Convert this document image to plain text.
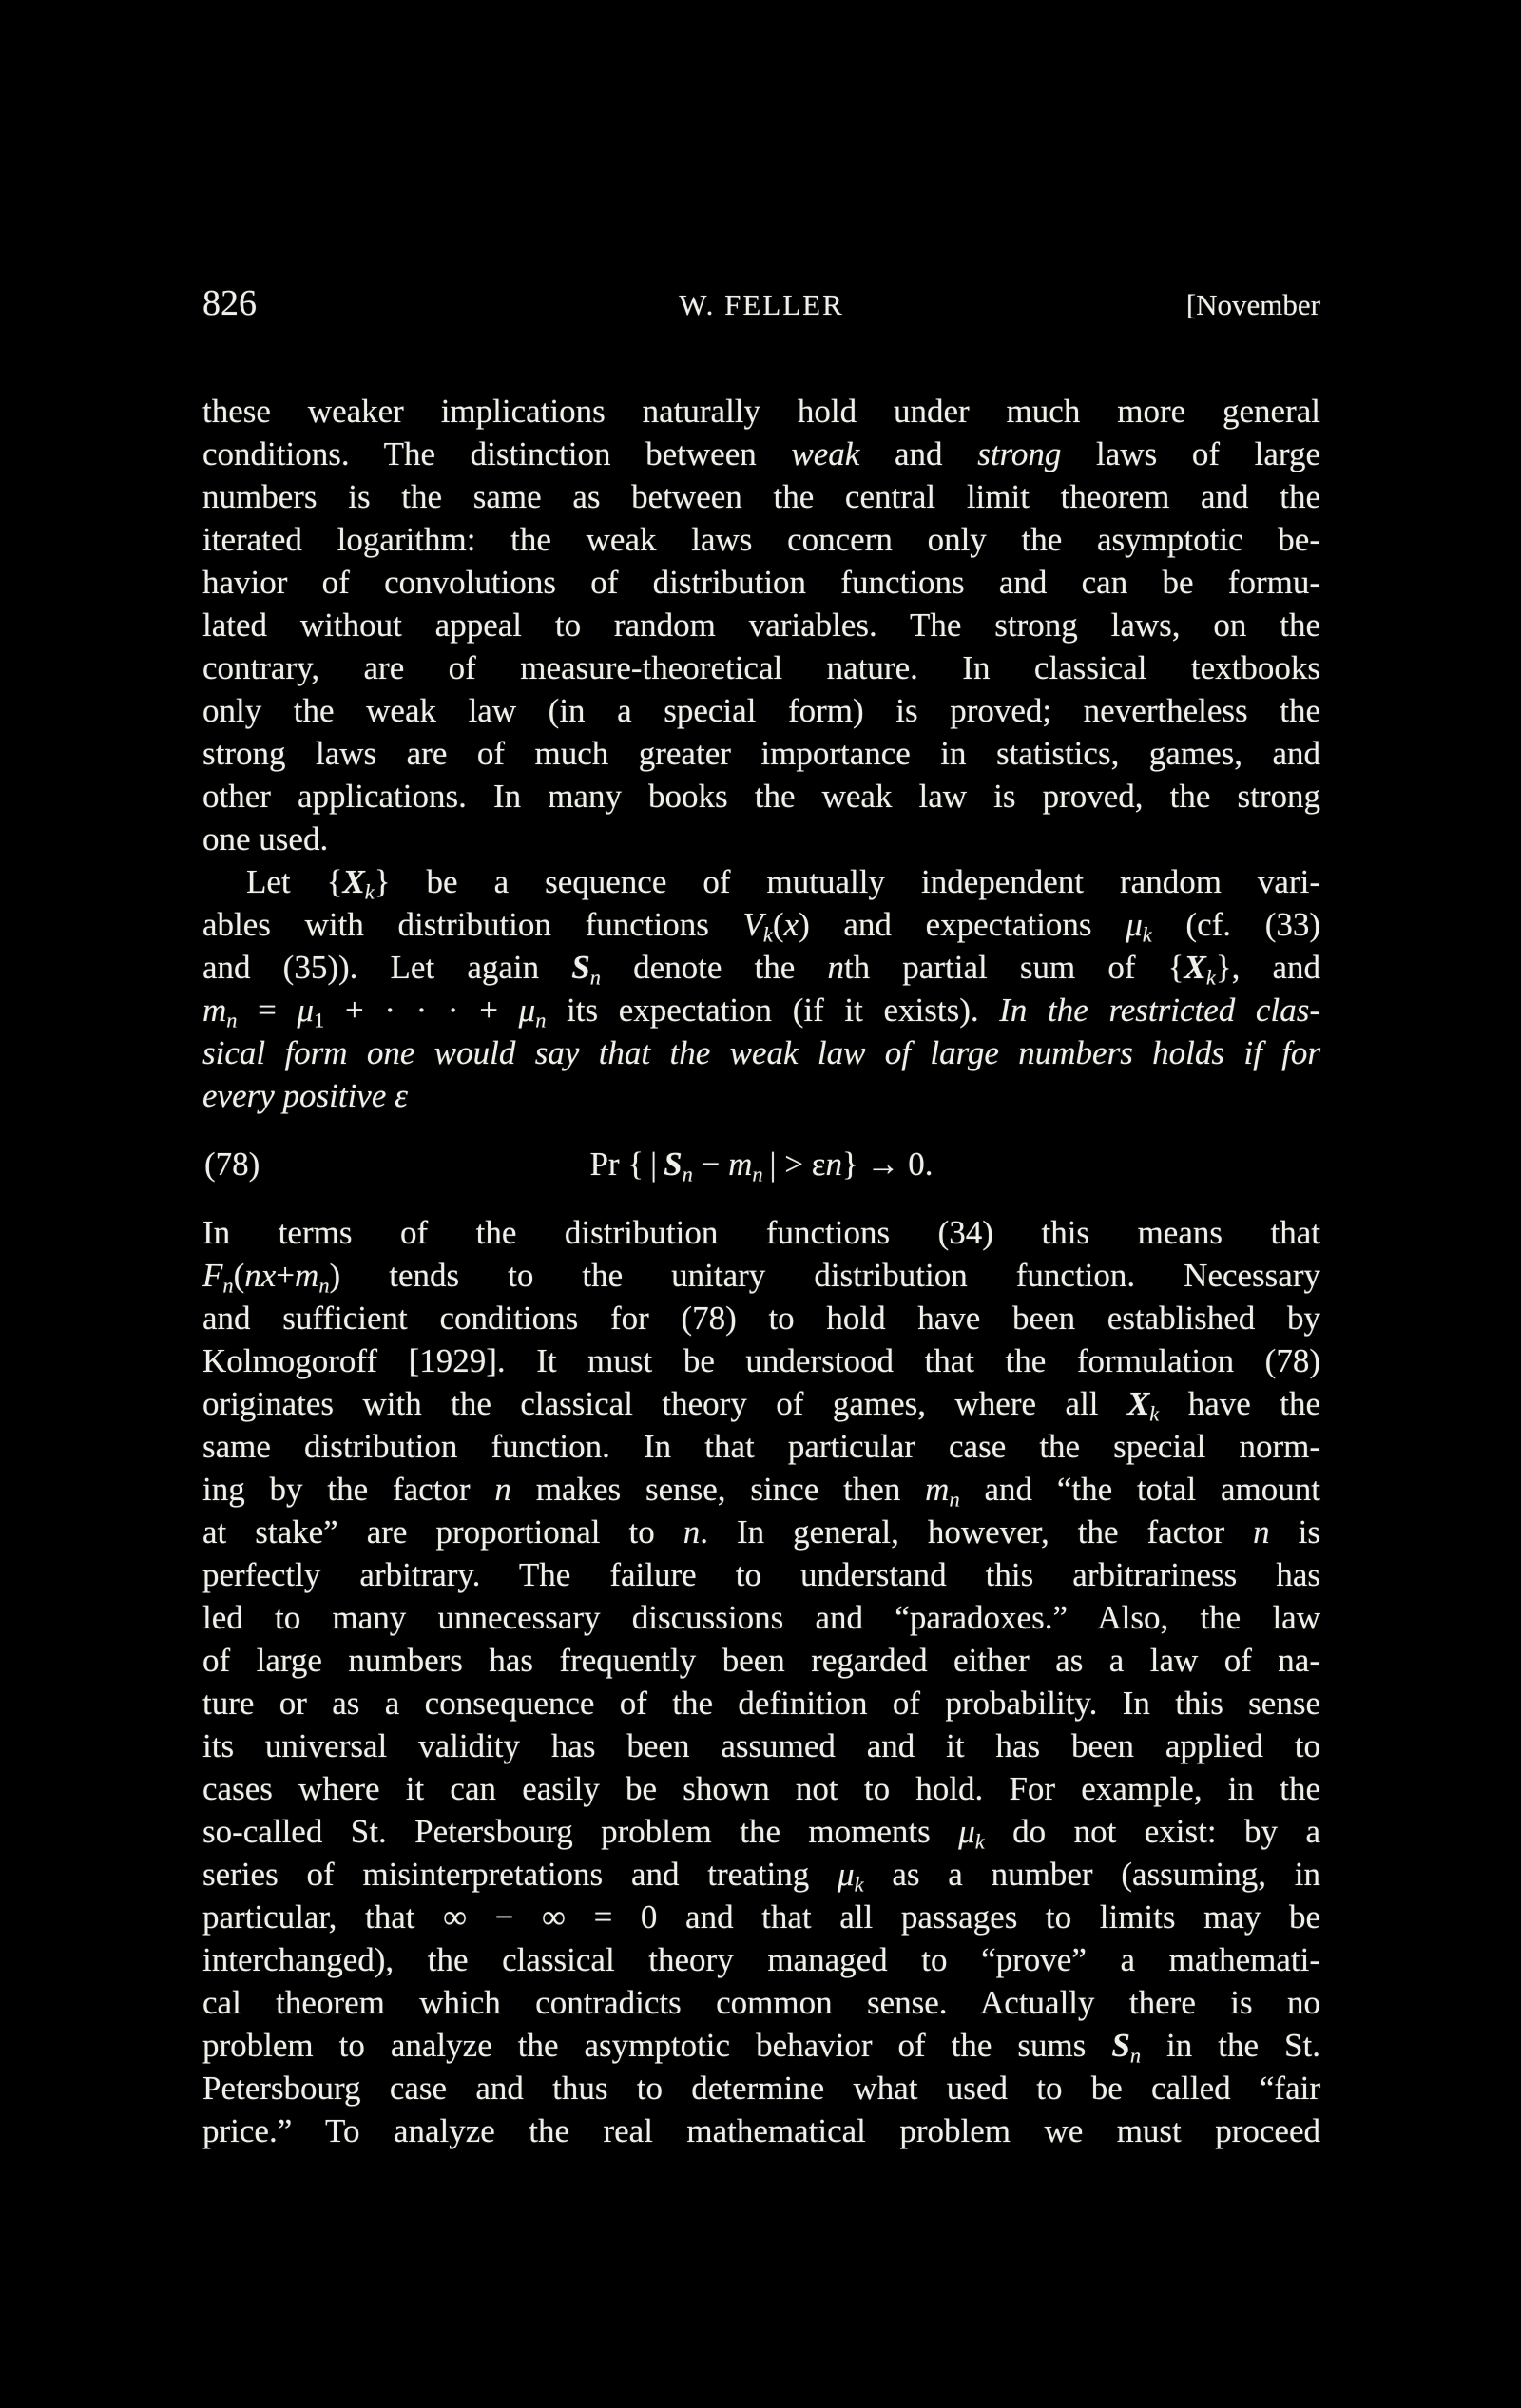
826	W. FELLER	[November
these weaker implications naturally hold under much more general
conditions. The distinction between weak and strong laws of large
numbers is the same as between the central limit theorem and the
iterated logarithm: the weak laws concern only the asymptotic be-
havior of convolutions of distribution functions and can be formu-
lated without appeal to random variables. The strong laws, on the
contrary, are of measure-theoretical nature. In classical textbooks
only the weak law (in a special form) is proved; nevertheless the
strong laws are of much greater importance in statistics, games, and
other applications. In many books the weak law is proved, the strong
one used.
Let $\{X_k\}$ be a sequence of mutually independent random vari-
ables with distribution functions $V_k(x)$ and expectations $\mu_k$ (cf. (33)
and (35)). Let again $S_n$ denote the nth partial sum of $\{X_k\}$, and
$m_n = \mu_1$ + · · · + $\mu_n$ its expectation (if it exists). In the restricted clas-
sical form one would say that the weak law of large numbers holds if for
every positive ε
(78)	Pr { | $S_n - m_n$ | > εn} → 0.
In terms of the distribution functions (34) this means that
$F_n(nx+m_n)$ tends to the unitary distribution function. Necessary
and sufficient conditions for (78) to hold have been established by
Kolmogoroff [1929]. It must be understood that the formulation (78)
originates with the classical theory of games, where all $X_k$ have the
same distribution function. In that particular case the special norm-
ing by the factor n makes sense, since then $m_n$ and “the total amount
at stake” are proportional to n. In general, however, the factor n is
perfectly arbitrary. The failure to understand this arbitrariness has
led to many unnecessary discussions and “paradoxes.” Also, the law
of large numbers has frequently been regarded either as a law of na-
ture or as a consequence of the definition of probability. In this sense
its universal validity has been assumed and it has been applied to
cases where it can easily be shown not to hold. For example, in the
so-called St. Petersbourg problem the moments $\mu_k$ do not exist: by a
series of misinterpretations and treating $\mu_k$ as a number (assuming, in
particular, that ∞ − ∞ = 0 and that all passages to limits may be
interchanged), the classical theory managed to “prove” a mathemati-
cal theorem which contradicts common sense. Actually there is no
problem to analyze the asymptotic behavior of the sums $S_n$ in the St.
Petersbourg case and thus to determine what used to be called “fair
price.” To analyze the real mathematical problem we must proceed
